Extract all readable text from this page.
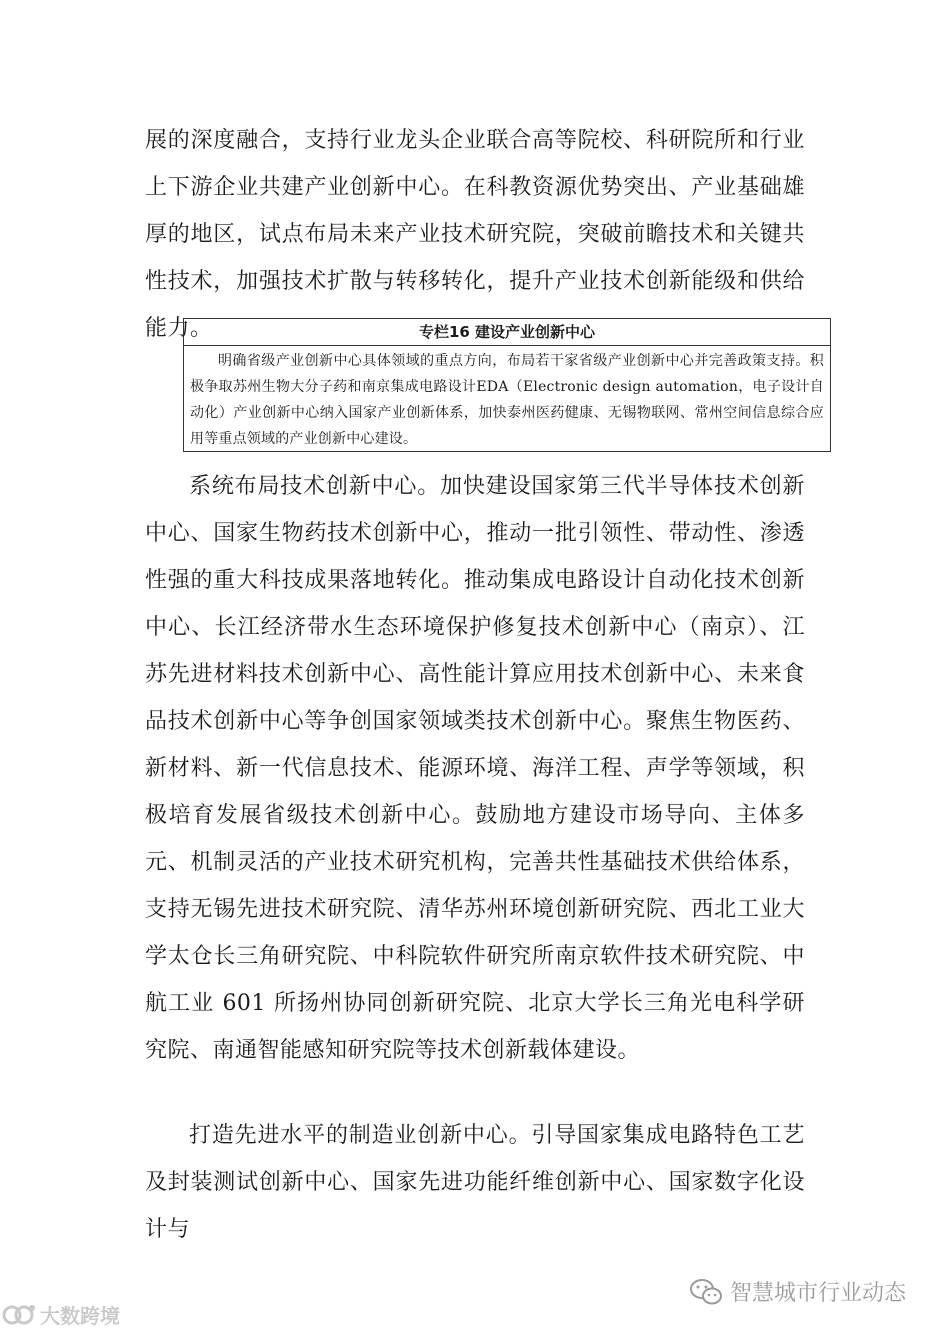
展的深度融合，支持行业龙头企业联合高等院校、科研院所和行业上下游企业共建产业创新中心。在科教资源优势突出、产业基础雄厚的地区，试点布局未来产业技术研究院，突破前瞻技术和关键共性技术，加强技术扩散与转移转化，提升产业技术创新能级和供给能力。	专栏16 建设产业创新中心
明确省级产业创新中心具体领域的重点方向，布局若干家省级产业创新中心并完善政策支持。积极争取苏州生物大分子药和南京集成电路设计EDA（Electronic design automation，电子设计自动化）产业创新中心纳入国家产业创新体系，加快泰州医药健康、无锡物联网、常州空间信息综合应用等重点领域的产业创新中心建设。

系统布局技术创新中心。加快建设国家第三代半导体技术创新中心、国家生物药技术创新中心，推动一批引领性、带动性、渗透性强的重大科技成果落地转化。推动集成电路设计自动化技术创新中心、长江经济带水生态环境保护修复技术创新中心（南京）、江苏先进材料技术创新中心、高性能计算应用技术创新中心、未来食品技术创新中心等争创国家领域类技术创新中心。聚焦生物医药、新材料、新一代信息技术、能源环境、海洋工程、声学等领域，积极培育发展省级技术创新中心。鼓励地方建设市场导向、主体多元、机制灵活的产业技术研究机构，完善共性基础技术供给体系，支持无锡先进技术研究院、清华苏州环境创新研究院、西北工业大学太仓长三角研究院、中科院软件研究所南京软件技术研究院、中航工业 601 所扬州协同创新研究院、北京大学长三角光电科学研究院、南通智能感知研究院等技术创新载体建设。

打造先进水平的制造业创新中心。引导国家集成电路特色工艺及封装测试创新中心、国家先进功能纤维创新中心、国家数字化设计与

大数跨境
智慧城市行业动态
